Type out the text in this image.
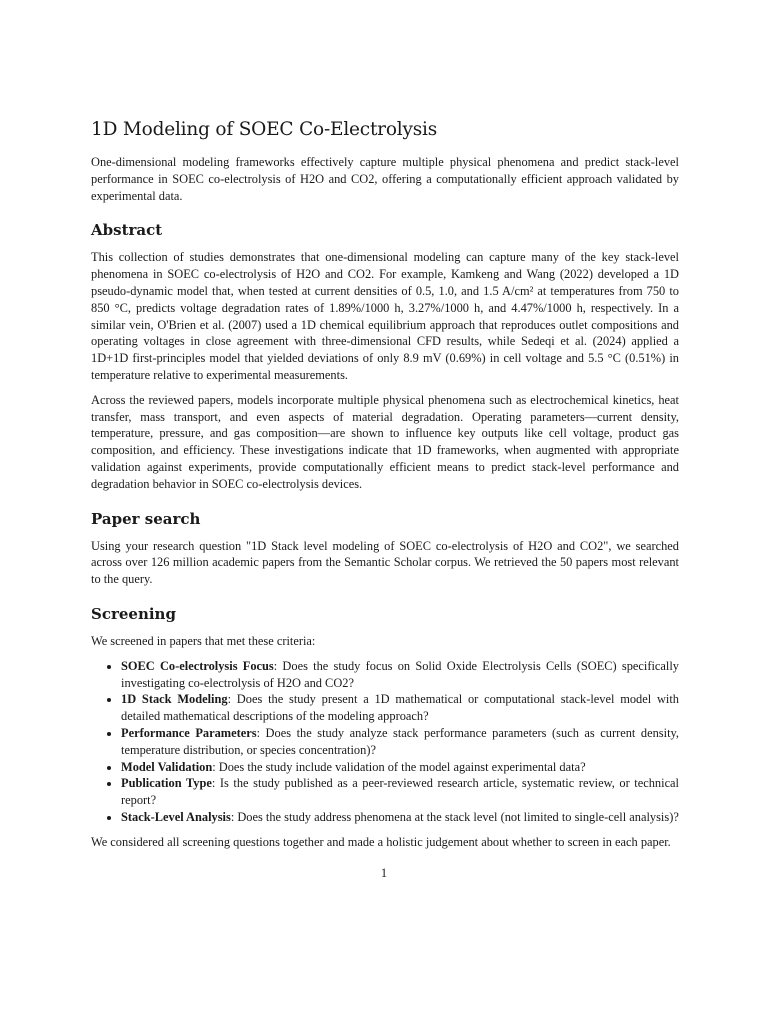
1D Modeling of SOEC Co-Electrolysis

One-dimensional modeling frameworks effectively capture multiple physical phenomena and predict stack-level performance in SOEC co-electrolysis of H2O and CO2, offering a computationally efficient approach validated by experimental data.

Abstract

This collection of studies demonstrates that one-dimensional modeling can capture many of the key stack-level phenomena in SOEC co-electrolysis of H2O and CO2. For example, Kamkeng and Wang (2022) developed a 1D pseudo-dynamic model that, when tested at current densities of 0.5, 1.0, and 1.5 A/cm² at temperatures from 750 to 850 °C, predicts voltage degradation rates of 1.89%/1000 h, 3.27%/1000 h, and 4.47%/1000 h, respectively. In a similar vein, O'Brien et al. (2007) used a 1D chemical equilibrium approach that reproduces outlet compositions and operating voltages in close agreement with three-dimensional CFD results, while Sedeqi et al. (2024) applied a 1D+1D first-principles model that yielded deviations of only 8.9 mV (0.69%) in cell voltage and 5.5 °C (0.51%) in temperature relative to experimental measurements.

Across the reviewed papers, models incorporate multiple physical phenomena such as electrochemical kinetics, heat transfer, mass transport, and even aspects of material degradation. Operating parameters—current density, temperature, pressure, and gas composition—are shown to influence key outputs like cell voltage, product gas composition, and efficiency. These investigations indicate that 1D frameworks, when augmented with appropriate validation against experiments, provide computationally efficient means to predict stack-level performance and degradation behavior in SOEC co-electrolysis devices.

Paper search

Using your research question "1D Stack level modeling of SOEC co-electrolysis of H2O and CO2", we searched across over 126 million academic papers from the Semantic Scholar corpus. We retrieved the 50 papers most relevant to the query.

Screening

We screened in papers that met these criteria:

• SOEC Co-electrolysis Focus: Does the study focus on Solid Oxide Electrolysis Cells (SOEC) specifically investigating co-electrolysis of H2O and CO2?
• 1D Stack Modeling: Does the study present a 1D mathematical or computational stack-level model with detailed mathematical descriptions of the modeling approach?
• Performance Parameters: Does the study analyze stack performance parameters (such as current density, temperature distribution, or species concentration)?
• Model Validation: Does the study include validation of the model against experimental data?
• Publication Type: Is the study published as a peer-reviewed research article, systematic review, or technical report?
• Stack-Level Analysis: Does the study address phenomena at the stack level (not limited to single-cell analysis)?

We considered all screening questions together and made a holistic judgement about whether to screen in each paper.

1
